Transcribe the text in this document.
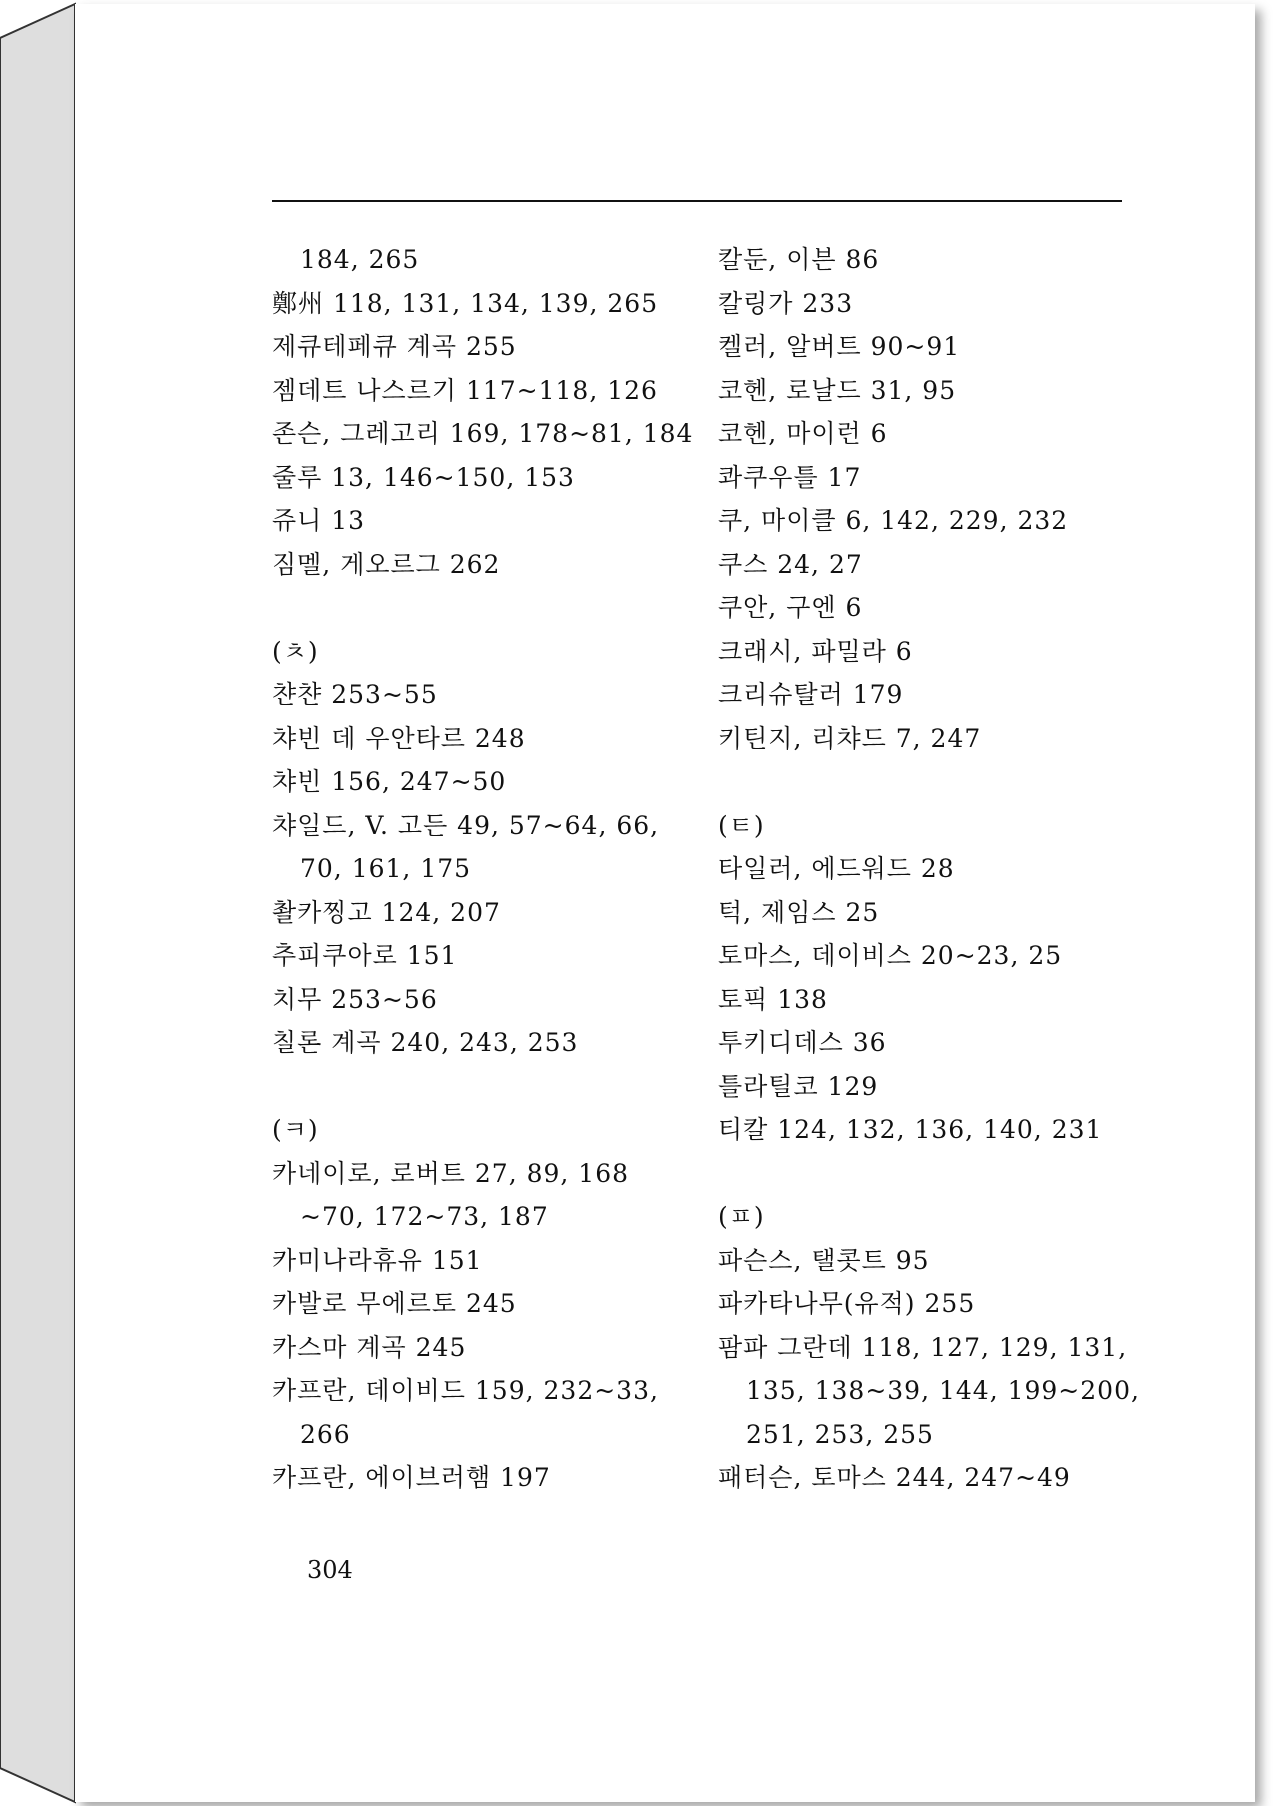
184, 265
鄭州 118, 131, 134, 139, 265
제큐테페큐 계곡 255
젬데트 나스르기 117~118, 126
존슨, 그레고리 169, 178~81, 184
줄루 13, 146~150, 153
쥬니 13
짐멜, 게오르그 262
(ㅊ)
챤챤 253~55
챠빈 데 우안타르 248
챠빈 156, 247~50
챠일드, V. 고든 49, 57~64, 66,
70, 161, 175
촬카찡고 124, 207
추피쿠아로 151
치무 253~56
칠론 계곡 240, 243, 253
(ㅋ)
카네이로, 로버트 27, 89, 168
~70, 172~73, 187
카미나라휴유 151
카발로 무에르토 245
카스마 계곡 245
카프란, 데이비드 159, 232~33,
266
카프란, 에이브러햄 197
칼둔, 이븐 86
칼링가 233
켈러, 알버트 90~91
코헨, 로날드 31, 95
코헨, 마이런 6
콰쿠우틀 17
쿠, 마이클 6, 142, 229, 232
쿠스 24, 27
쿠안, 구엔 6
크래시, 파밀라 6
크리슈탈러 179
키틴지, 리챠드 7, 247
(ㅌ)
타일러, 에드워드 28
턱, 제임스 25
토마스, 데이비스 20~23, 25
토픽 138
투키디데스 36
틀라틸코 129
티칼 124, 132, 136, 140, 231
(ㅍ)
파슨스, 탤콧트 95
파카타나무(유적) 255
팜파 그란데 118, 127, 129, 131,
135, 138~39, 144, 199~200,
251, 253, 255
패터슨, 토마스 244, 247~49
304
